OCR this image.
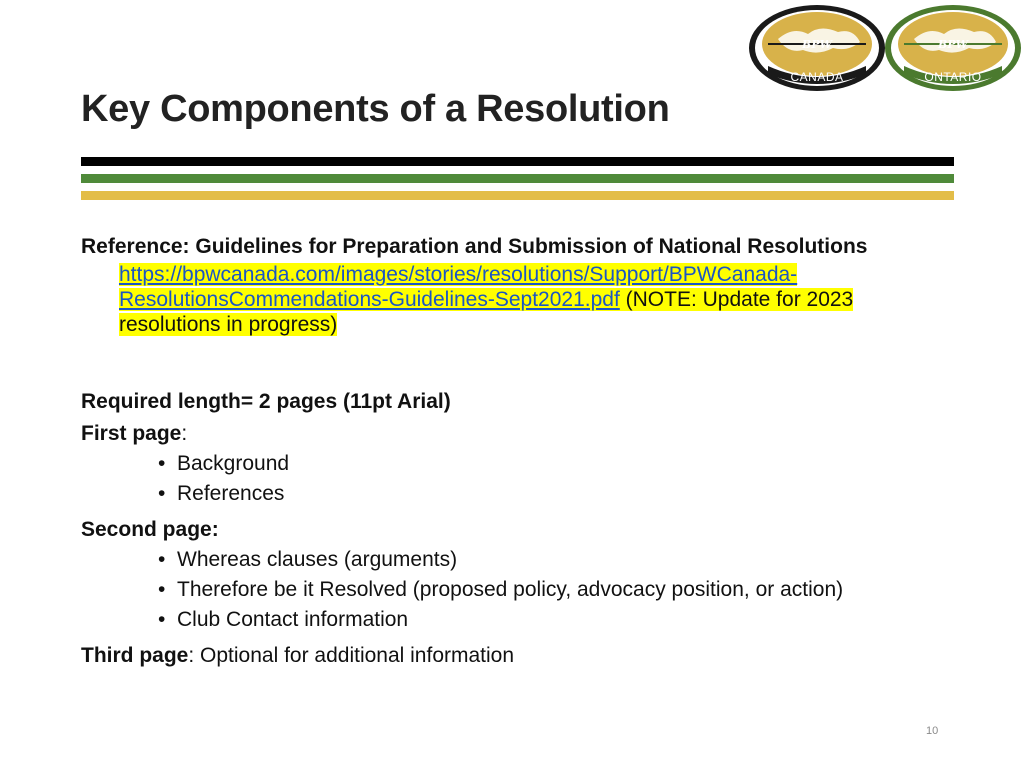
BPW
CANADA
BPW
ONTARIO
Key Components of a Resolution

Reference: Guidelines for Preparation and Submission of National Resolutions

https://bpwcanada.com/images/stories/resolutions/Support/BPWCanada-
ResolutionsCommendations-Guidelines-Sept2021.pdf (NOTE: Update for 2023
resolutions in progress)

Required length= 2 pages (11pt Arial)

First page:

• Background
• References

Second page:

• Whereas clauses (arguments)
• Therefore be it Resolved (proposed policy, advocacy position, or action)
• Club Contact information

Third page: Optional for additional information

10
